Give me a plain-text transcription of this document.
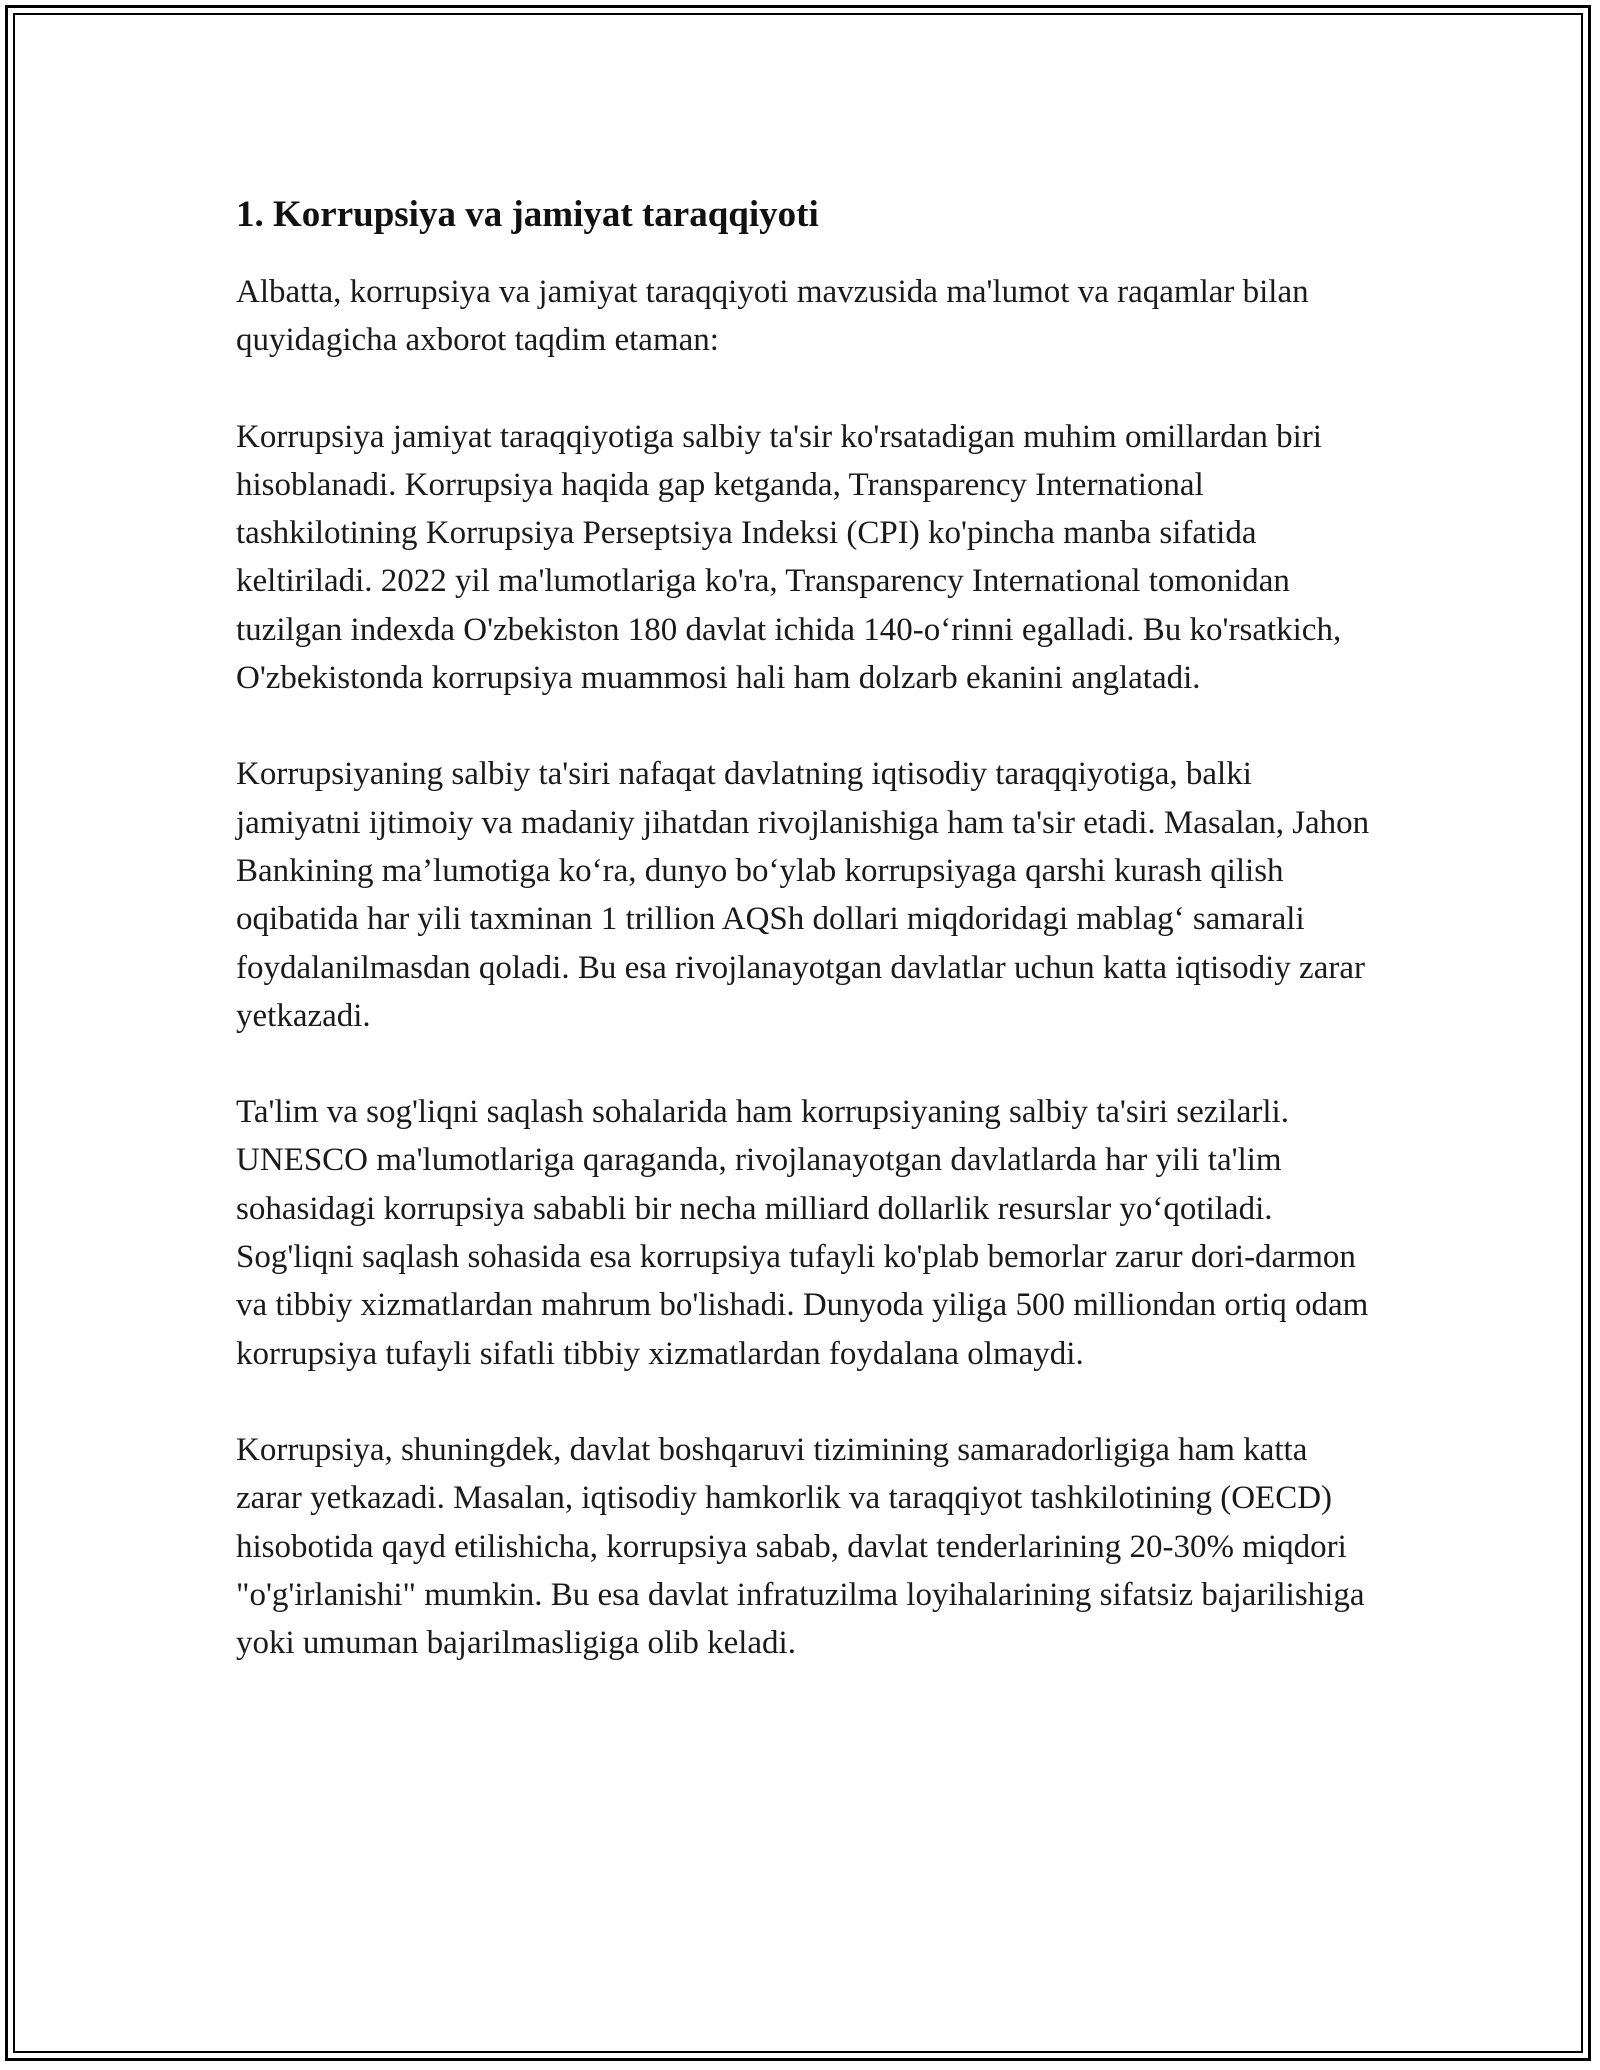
1. Korrupsiya va jamiyat taraqqiyoti

Albatta, korrupsiya va jamiyat taraqqiyoti mavzusida ma'lumot va raqamlar bilan quyidagicha axborot taqdim etaman:

Korrupsiya jamiyat taraqqiyotiga salbiy ta'sir ko'rsatadigan muhim omillardan biri hisoblanadi. Korrupsiya haqida gap ketganda, Transparency International tashkilotining Korrupsiya Perseptsiya Indeksi (CPI) ko'pincha manba sifatida keltiriladi. 2022 yil ma'lumotlariga ko'ra, Transparency International tomonidan tuzilgan indexda O'zbekiston 180 davlat ichida 140-o‘rinni egalladi. Bu ko'rsatkich, O'zbekistonda korrupsiya muammosi hali ham dolzarb ekanini anglatadi.

Korrupsiyaning salbiy ta'siri nafaqat davlatning iqtisodiy taraqqiyotiga, balki jamiyatni ijtimoiy va madaniy jihatdan rivojlanishiga ham ta'sir etadi. Masalan, Jahon Bankining ma’lumotiga ko‘ra, dunyo bo‘ylab korrupsiyaga qarshi kurash qilish oqibatida har yili taxminan 1 trillion AQSh dollari miqdoridagi mablag‘ samarali foydalanilmasdan qoladi. Bu esa rivojlanayotgan davlatlar uchun katta iqtisodiy zarar yetkazadi.

Ta'lim va sog'liqni saqlash sohalarida ham korrupsiyaning salbiy ta'siri sezilarli. UNESCO ma'lumotlariga qaraganda, rivojlanayotgan davlatlarda har yili ta'lim sohasidagi korrupsiya sababli bir necha milliard dollarlik resurslar yo‘qotiladi. Sog'liqni saqlash sohasida esa korrupsiya tufayli ko'plab bemorlar zarur dori-darmon va tibbiy xizmatlardan mahrum bo'lishadi. Dunyoda yiliga 500 milliondan ortiq odam korrupsiya tufayli sifatli tibbiy xizmatlardan foydalana olmaydi.

Korrupsiya, shuningdek, davlat boshqaruvi tizimining samaradorligiga ham katta zarar yetkazadi. Masalan, iqtisodiy hamkorlik va taraqqiyot tashkilotining (OECD) hisobotida qayd etilishicha, korrupsiya sabab, davlat tenderlarining 20-30% miqdori "o'g'irlanishi" mumkin. Bu esa davlat infratuzilma loyihalarining sifatsiz bajarilishiga yoki umuman bajarilmasligiga olib keladi.
